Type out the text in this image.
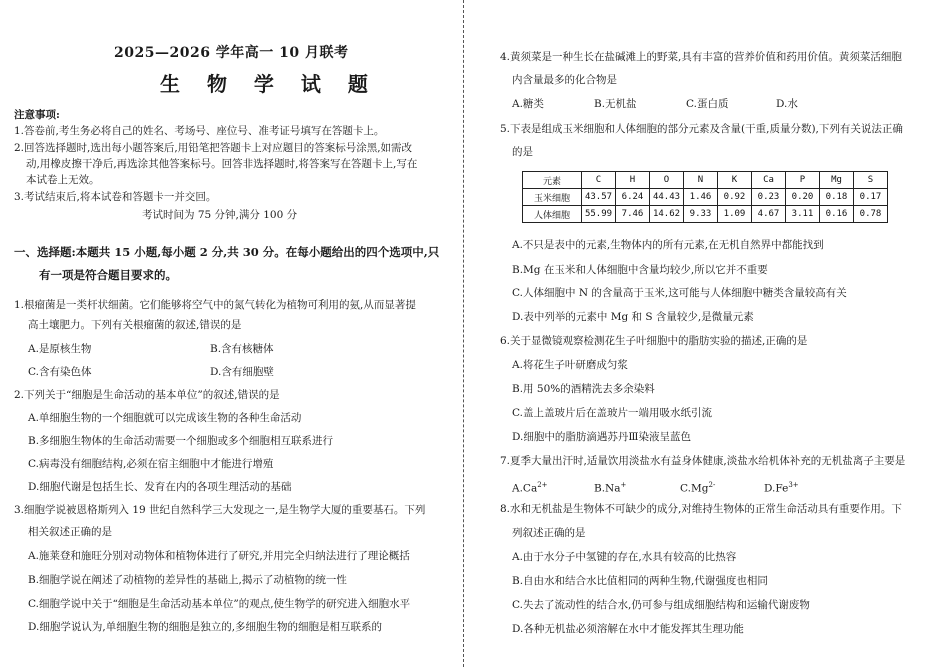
2025—2026 学年高一 10 月联考
生 物 学 试 题
注意事项:
1.答卷前,考生务必将自己的姓名、考场号、座位号、准考证号填写在答题卡上。
2.回答选择题时,选出每小题答案后,用铅笔把答题卡上对应题目的答案标号涂黑,如需改
动,用橡皮擦干净后,再选涂其他答案标号。回答非选择题时,将答案写在答题卡上,写在
本试卷上无效。
3.考试结束后,将本试卷和答题卡一并交回。
考试时间为 75 分钟,满分 100 分
一、选择题:本题共 15 小题,每小题 2 分,共 30 分。在每小题给出的四个选项中,只
有一项是符合题目要求的。
1.根瘤菌是一类杆状细菌。它们能够将空气中的氮气转化为植物可利用的氨,从而显著提
高土壤肥力。下列有关根瘤菌的叙述,错误的是
A.是原核生物	B.含有核糖体
C.含有染色体	D.含有细胞壁
2.下列关于“细胞是生命活动的基本单位”的叙述,错误的是
A.单细胞生物的一个细胞就可以完成该生物的各种生命活动
B.多细胞生物体的生命活动需要一个细胞或多个细胞相互联系进行
C.病毒没有细胞结构,必须在宿主细胞中才能进行增殖
D.细胞代谢是包括生长、发育在内的各项生理活动的基础
3.细胞学说被恩格斯列入 19 世纪自然科学三大发现之一,是生物学大厦的重要基石。下列
相关叙述正确的是
A.施莱登和施旺分别对动物体和植物体进行了研究,并用完全归纳法进行了理论概括
B.细胞学说在阐述了动植物的差异性的基础上,揭示了动植物的统一性
C.细胞学说中关于“细胞是生命活动基本单位”的观点,使生物学的研究进入细胞水平
D.细胞学说认为,单细胞生物的细胞是独立的,多细胞生物的细胞是相互联系的
4.黄须菜是一种生长在盐碱滩上的野菜,具有丰富的营养价值和药用价值。黄须菜活细胞
内含量最多的化合物是
A.糖类	B.无机盐	C.蛋白质	D.水
5.下表是组成玉米细胞和人体细胞的部分元素及含量(干重,质量分数),下列有关说法正确
的是
元素	C	H	O	N	K	Ca	P	Mg	S
玉米细胞	43.57	6.24	44.43	1.46	0.92	0.23	0.20	0.18	0.17
人体细胞	55.99	7.46	14.62	9.33	1.09	4.67	3.11	0.16	0.78
A.不只是表中的元素,生物体内的所有元素,在无机自然界中都能找到
B.Mg 在玉米和人体细胞中含量均较少,所以它并不重要
C.人体细胞中 N 的含量高于玉米,这可能与人体细胞中糖类含量较高有关
D.表中列举的元素中 Mg 和 S 含量较少,是微量元素
6.关于显微镜观察检测花生子叶细胞中的脂肪实验的描述,正确的是
A.将花生子叶研磨成匀浆
B.用 50%的酒精洗去多余染料
C.盖上盖玻片后在盖玻片一端用吸水纸引流
D.细胞中的脂肪滴遇苏丹Ⅲ染液呈蓝色
7.夏季大量出汗时,适量饮用淡盐水有益身体健康,淡盐水给机体补充的无机盐离子主要是
$A.Ca^{2+}$	B.Na+	$C.Mg^{2-}$	$D.Fe^{3+}$
8.水和无机盐是生物体不可缺少的成分,对维持生物体的正常生命活动具有重要作用。下
列叙述正确的是
A.由于水分子中氢键的存在,水具有较高的比热容
B.自由水和结合水比值相同的两种生物,代谢强度也相同
C.失去了流动性的结合水,仍可参与组成细胞结构和运输代谢废物
D.各种无机盐必须溶解在水中才能发挥其生理功能
